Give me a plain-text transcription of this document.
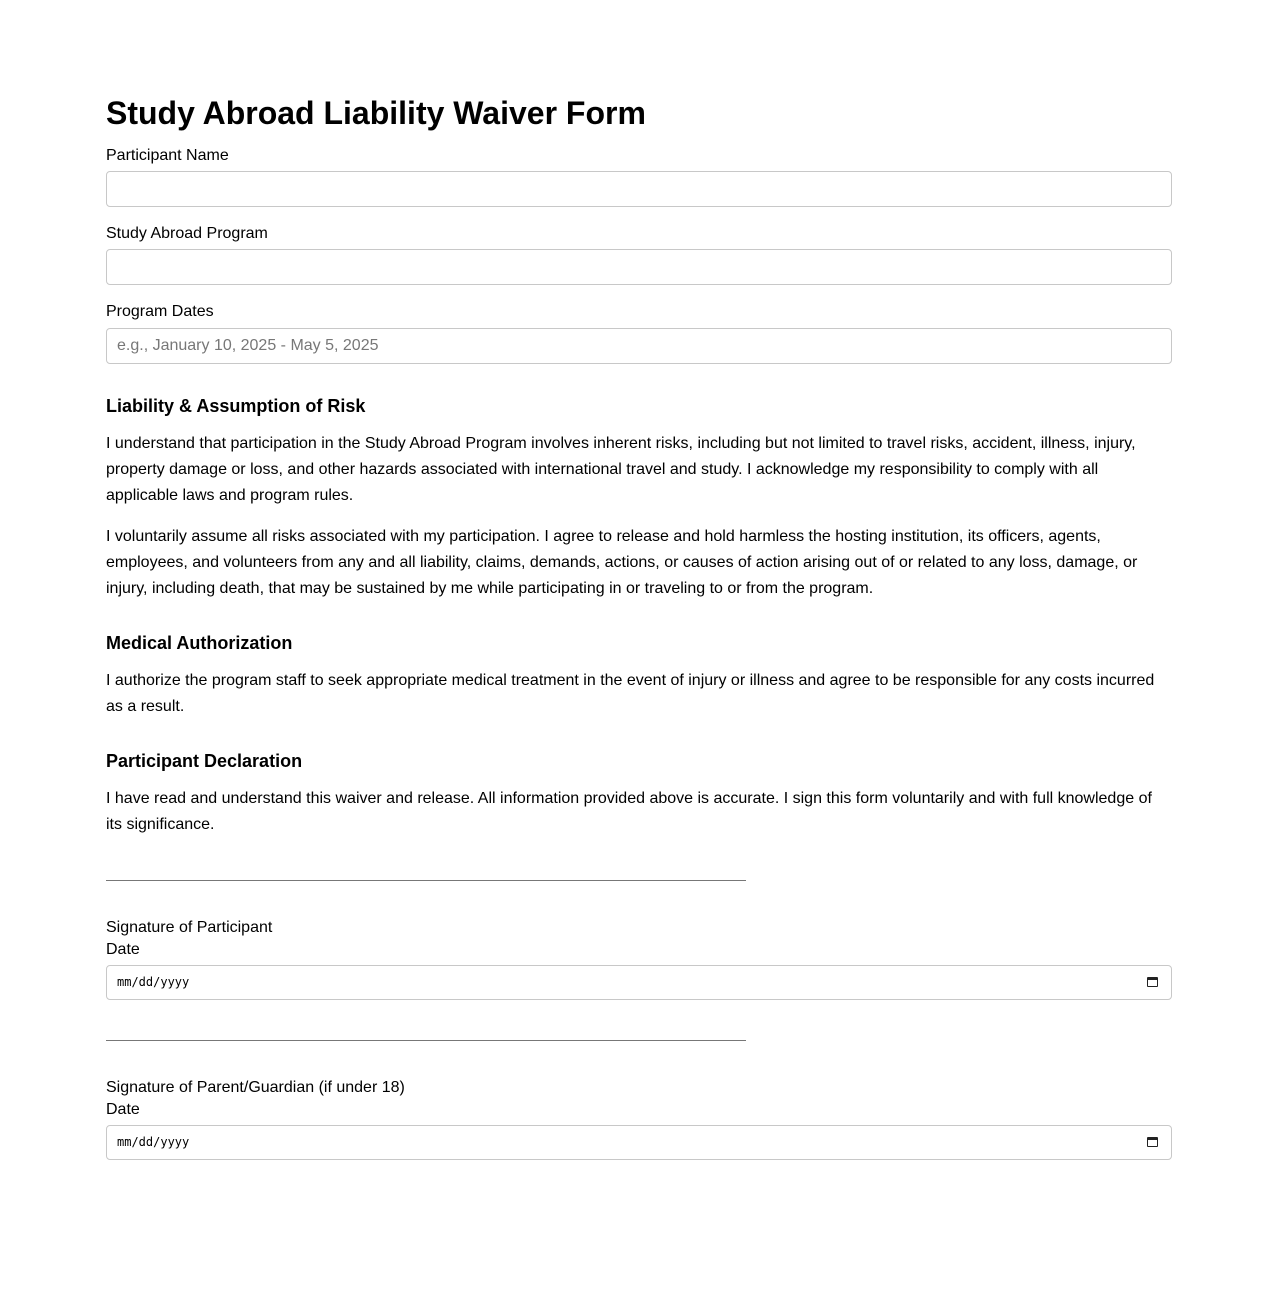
Study Abroad Liability Waiver Form
Participant Name
Study Abroad Program
Program Dates
e.g., January 10, 2025 - May 5, 2025
Liability & Assumption of Risk

I understand that participation in the Study Abroad Program involves inherent risks, including but not limited to travel risks, accident, illness, injury, property damage or loss, and other hazards associated with international travel and study. I acknowledge my responsibility to comply with all applicable laws and program rules.

I voluntarily assume all risks associated with my participation. I agree to release and hold harmless the hosting institution, its officers, agents, employees, and volunteers from any and all liability, claims, demands, actions, or causes of action arising out of or related to any loss, damage, or injury, including death, that may be sustained by me while participating in or traveling to or from the program.

Medical Authorization

I authorize the program staff to seek appropriate medical treatment in the event of injury or illness and agree to be responsible for any costs incurred as a result.

Participant Declaration

I have read and understand this waiver and release. All information provided above is accurate. I sign this form voluntarily and with full knowledge of its significance.

Signature of Participant
Date
mm/dd/yyyy
Signature of Parent/Guardian (if under 18)
Date
mm/dd/yyyy
